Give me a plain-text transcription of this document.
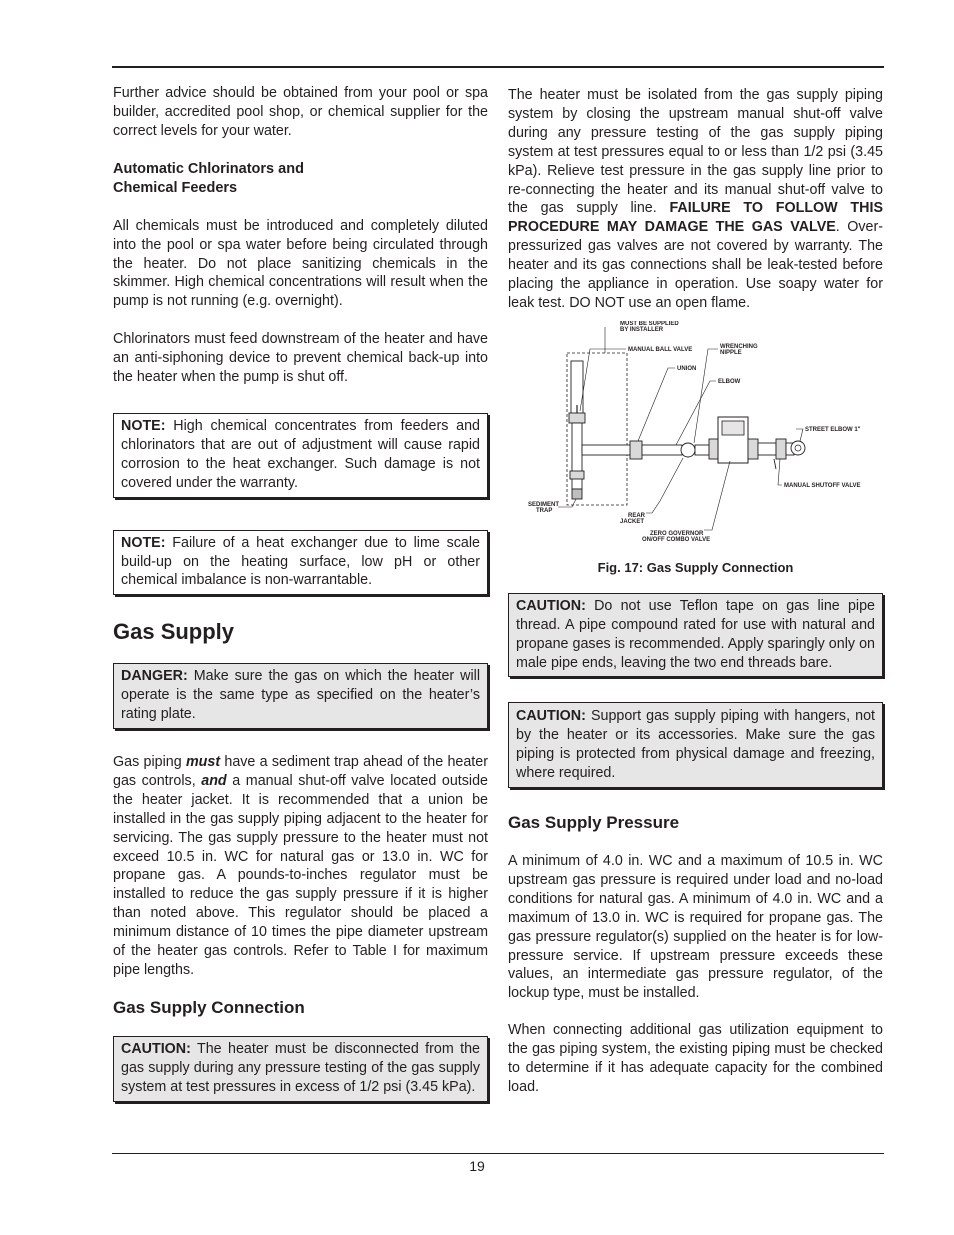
Further advice should be obtained from your pool or spa builder, accredited pool shop, or chemical supplier for the correct levels for your water.

Automatic Chlorinators and
Chemical Feeders

All chemicals must be introduced and completely diluted into the pool or spa water before being circulated through the heater. Do not place sanitizing chemicals in the skimmer. High chemical concentrations will result when the pump is not running (e.g. overnight).

Chlorinators must feed downstream of the heater and have an anti-siphoning device to prevent chemical back-up into the heater when the pump is shut off.

NOTE: High chemical concentrates from feeders and chlorinators that are out of adjustment will cause rapid corrosion to the heat exchanger. Such damage is not covered under the warranty.

NOTE: Failure of a heat exchanger due to lime scale build-up on the heating surface, low pH or other chemical imbalance is non-warrantable.

Gas Supply

DANGER: Make sure the gas on which the heater will operate is the same type as specified on the heater’s rating plate.

Gas piping must have a sediment trap ahead of the heater gas controls, and a manual shut-off valve located outside the heater jacket. It is recommended that a union be installed in the gas supply piping adjacent to the heater for servicing. The gas supply pressure to the heater must not exceed 10.5 in. WC for natural gas or 13.0 in. WC for propane gas. A pounds-to-inches regulator must be installed to reduce the gas supply pressure if it is higher than noted above. This regulator should be placed a minimum distance of 10 times the pipe diameter upstream of the heater gas controls. Refer to Table I for maximum pipe lengths.

Gas Supply Connection

CAUTION: The heater must be disconnected from the gas supply during any pressure testing of the gas supply system at test pressures in excess of 1/2 psi (3.45 kPa).

The heater must be isolated from the gas supply piping system by closing the upstream manual shut-off valve during any pressure testing of the gas supply piping system at test pressures equal to or less than 1/2 psi (3.45 kPa). Relieve test pressure in the gas supply line prior to re-connecting the heater and its manual shut-off valve to the gas supply line. FAILURE TO FOLLOW THIS PROCEDURE MAY DAMAGE THE GAS VALVE. Over-pressurized gas valves are not covered by warranty. The heater and its gas connections shall be leak-tested before placing the appliance in operation. Use soapy water for leak test. DO NOT use an open flame.

MUST BE SUPPLIED
BY INSTALLER
MANUAL BALL VALVE	WRENCHING
NIPPLE
UNION
ELBOW
STREET ELBOW 1"
MANUAL SHUTOFF VALVE
SEDIMENT
TRAP
REAR
JACKET
ZERO GOVERNOR
ON/OFF COMBO VALVE

Fig. 17: Gas Supply Connection

CAUTION: Do not use Teflon tape on gas line pipe thread. A pipe compound rated for use with natural and propane gases is recommended. Apply sparingly only on male pipe ends, leaving the two end threads bare.

CAUTION: Support gas supply piping with hangers, not by the heater or its accessories. Make sure the gas piping is protected from physical damage and freezing, where required.

Gas Supply Pressure

A minimum of 4.0 in. WC and a maximum of 10.5 in. WC upstream gas pressure is required under load and no-load conditions for natural gas. A minimum of 4.0 in. WC and a maximum of 13.0 in. WC is required for propane gas. The gas pressure regulator(s) supplied on the heater is for low-pressure service. If upstream pressure exceeds these values, an intermediate gas pressure regulator, of the lockup type, must be installed.

When connecting additional gas utilization equipment to the gas piping system, the existing piping must be checked to determine if it has adequate capacity for the combined load.

19
